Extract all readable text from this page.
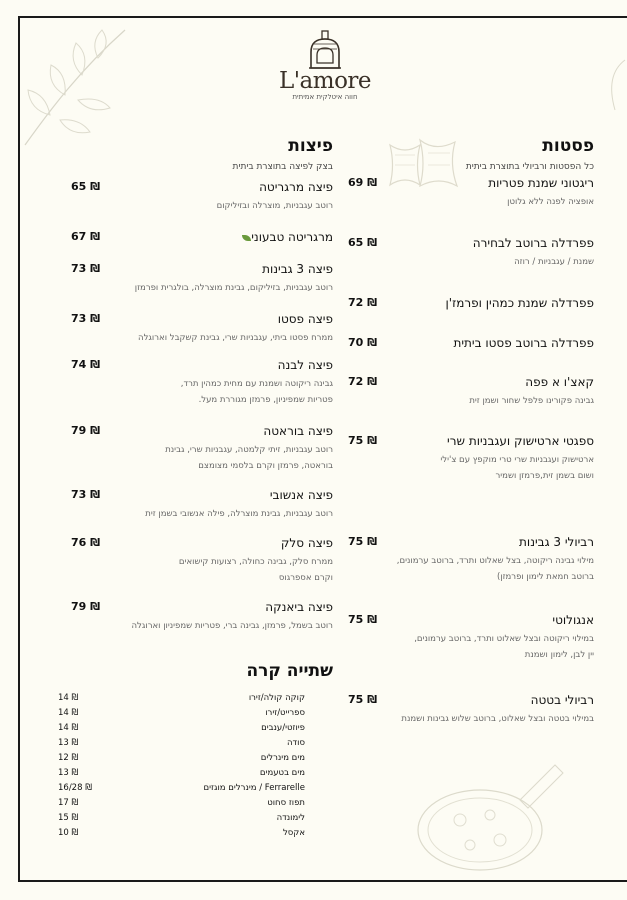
L'amore
חווה איטלקית אמיתית
פסטות
כל הפסטות ורביולי בתוצרת ביתית
פיצות
בצק לפיצה בתוצרת ביתית
שתייה קרה
ריגטוני שמנת פטריות
אופציה לפנה ללא גלוטן
69 ₪
פפרדלה ברוטב לבחירה
שמנת / עגבניות / רוזה
65 ₪
פפרדלה שמנת כמהין ופרמז'ן
72 ₪
פפרדלה ברוטב פסטו ביתית
70 ₪
קאצ'ו א פפה
גבינה פקורינו פלפל שחור ושמן זית
72 ₪
ספגטי ארטישוק ועגבניות שרי
ארטישוק ועגבניות שרי טרי מוקפץ עם צ'ילי
ושום בשמן זית,פרמזן ושמיר
75 ₪
רביולי 3 גבינות
מילוי גבינה ריקוטה, בצל שאלוט ותרד, ברוטב ערמונים,
ברוטב חמאת לימון ופרמזן)
75 ₪
אנגולוטי
במילוי ריקוטה ובצל שאלוט ותרד, ברוטב ערמונים,
יין לבן, לימון ושמנת
75 ₪
רביולי בטטה
במילוי בטטה ובצל שאלוט, ברוטב שלוש גבינות ושמנת
75 ₪
פיצה מרגריטה
רוטב עגבניות, מוצרלה ובזיליקום
65 ₪
מרגריטה טבעוני
67 ₪
פיצה 3 גבינות
רוטב עגבניות, בזיליקום, גבינת מוצרלה, בולגרית ופרמזן
73 ₪
פיצה פסטו
ממרח פסטו ביתי, עגבניות שרי, גבינת קשקבל וארוגלה
73 ₪
פיצה לבנה
גבינה ריקוטה ושמנת עם מחית כמהין תרד,
פטריות שמפיניון, פרמזן מגוררת מעל.
74 ₪
פיצה בוראטה
רוטב עגבניות, זיתי קלמטה, עגבניות שרי, גבינת
בוראטה, פרמזן וקרם בלסמי מצומצם
79 ₪
פיצה אנשובי
רוטב עגבניות, גבינת מוצרלה, פילה אנשובי בשמן זית
73 ₪
פיצה סלק
ממרח סלק, גבינה כחולה, רצועות קישואים
וקרם אספרגוס
76 ₪
פיצה ביאנקה
רוטב בשמל, פרמזן, גבינה ברי, פטריות שמפיניון וארוגלה
79 ₪
קוקה קולה/זירו
14 ₪
ספרייט/זירו
14 ₪
פיוזטי/ענבים
14 ₪
סודה
13 ₪
מים מינרלים
12 ₪
מים בטעמים
13 ₪
Ferrarelle / מינרלים מוגזים
16/28 ₪
תפוז סחוט
17 ₪
לימונדה
15 ₪
אקסל
10 ₪
